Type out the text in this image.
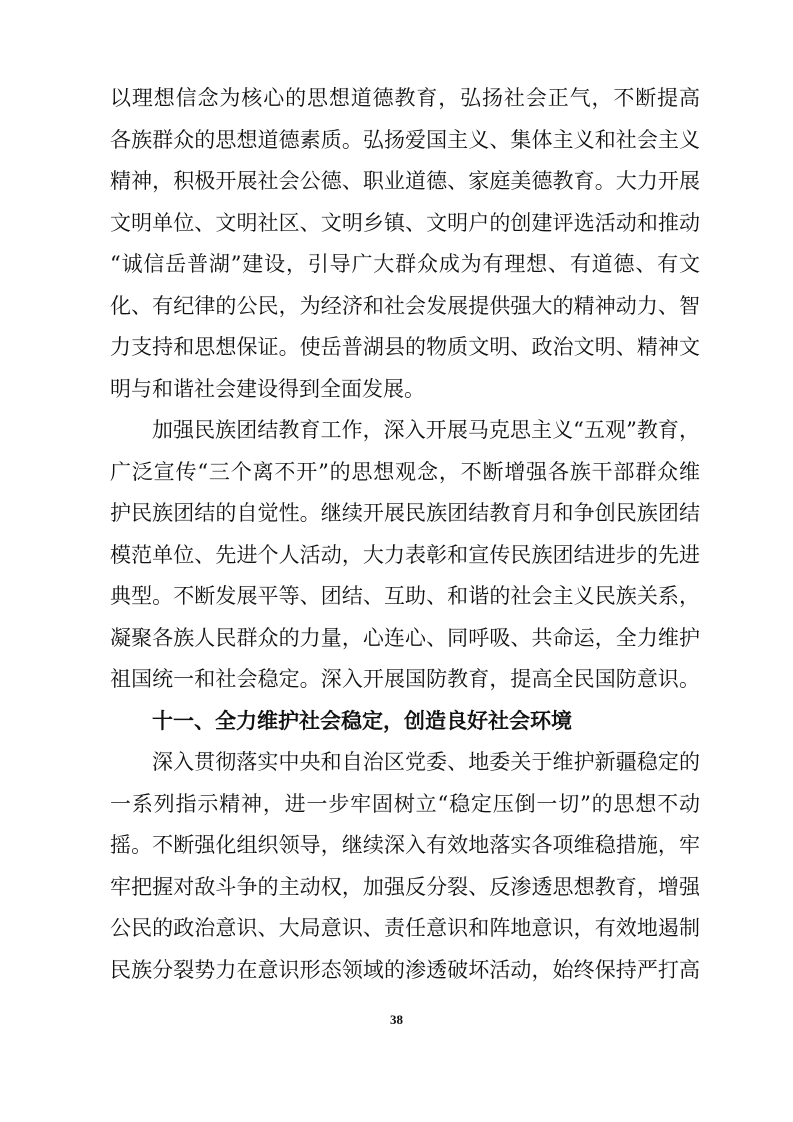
以理想信念为核心的思想道德教育，弘扬社会正气，不断提高
各族群众的思想道德素质。弘扬爱国主义、集体主义和社会主义
精神，积极开展社会公德、职业道德、家庭美德教育。大力开展
文明单位、文明社区、文明乡镇、文明户的创建评选活动和推动
“诚信岳普湖”建设，引导广大群众成为有理想、有道德、有文
化、有纪律的公民，为经济和社会发展提供强大的精神动力、智
力支持和思想保证。使岳普湖县的物质文明、政治文明、精神文
明与和谐社会建设得到全面发展。
加强民族团结教育工作，深入开展马克思主义“五观”教育，
广泛宣传“三个离不开”的思想观念，不断增强各族干部群众维
护民族团结的自觉性。继续开展民族团结教育月和争创民族团结
模范单位、先进个人活动，大力表彰和宣传民族团结进步的先进
典型。不断发展平等、团结、互助、和谐的社会主义民族关系，
凝聚各族人民群众的力量，心连心、同呼吸、共命运，全力维护
祖国统一和社会稳定。深入开展国防教育，提高全民国防意识。
十一、全力维护社会稳定，创造良好社会环境
深入贯彻落实中央和自治区党委、地委关于维护新疆稳定的
一系列指示精神，进一步牢固树立“稳定压倒一切”的思想不动
摇。不断强化组织领导，继续深入有效地落实各项维稳措施，牢
牢把握对敌斗争的主动权，加强反分裂、反渗透思想教育，增强
公民的政治意识、大局意识、责任意识和阵地意识，有效地遏制
民族分裂势力在意识形态领域的渗透破坏活动，始终保持严打高
38
